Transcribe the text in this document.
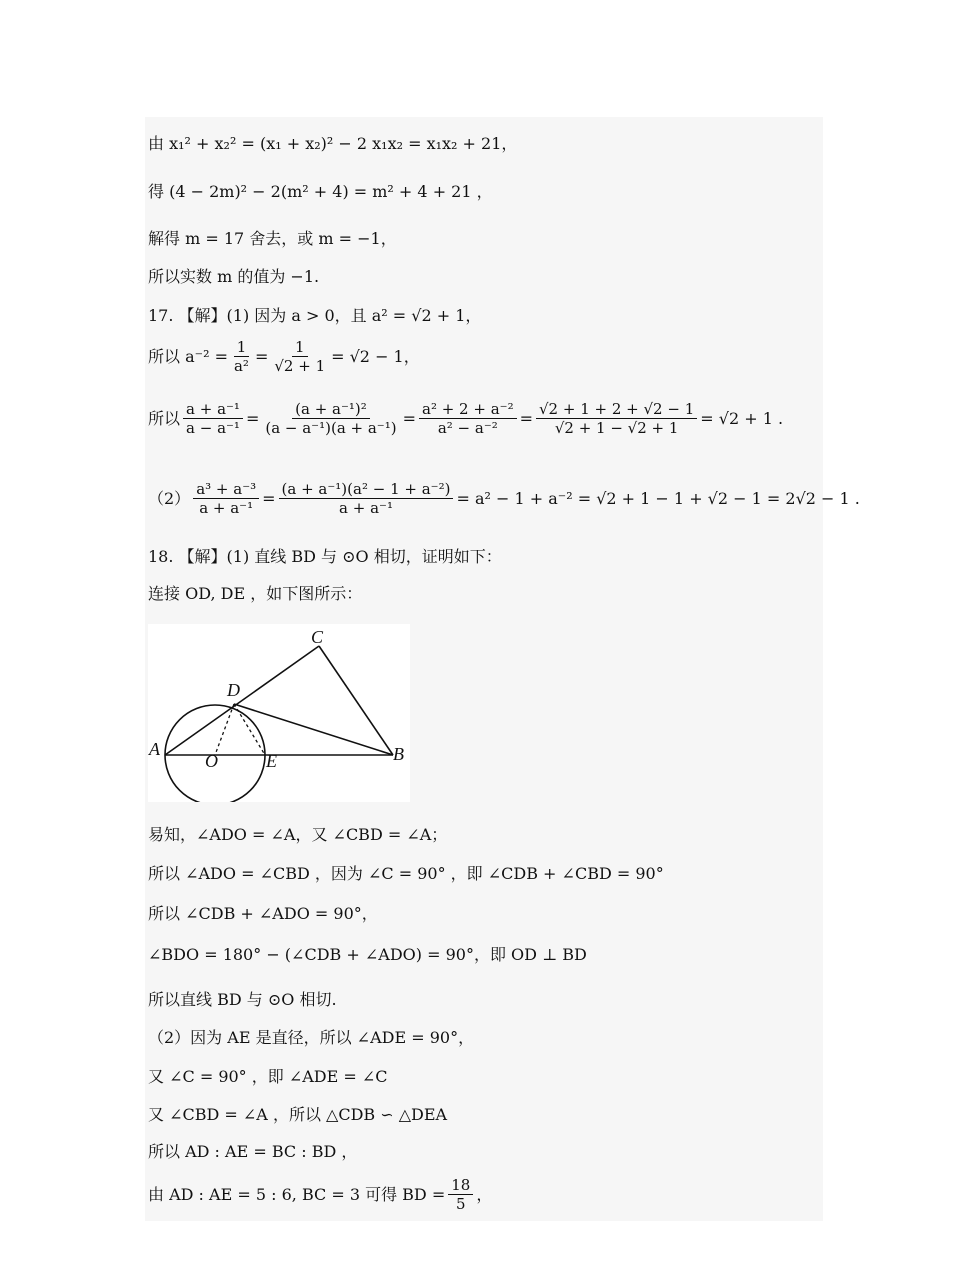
由 x₁² + x₂² = (x₁ + x₂)² − 2 x₁x₂ = x₁x₂ + 21，
得 (4 − 2m)² − 2(m² + 4) = m² + 4 + 21 ，
解得 m = 17 舍去，或 m = −1，
所以实数 m 的值为 −1.
17. 【解】(1) 因为 a > 0，且 a² = √2 + 1，
所以 $a^{-2} = \frac{1}{\text{a²}} = \frac{1}{√2 + 1} = √2 - 1$，
所以 $\frac{\text{a + a⁻¹}}{\text{a − a⁻¹}} = \frac{\text{(a + a⁻¹)²}}{\text{(a − a⁻¹)(a + a⁻¹)}} = \frac{\text{a² + 2 + a⁻²}}{\text{a² − a⁻²}} = \frac{√2 + 1 + 2 + √2 - 1}{√2 + 1 - √2 + 1} = √2 + 1$ .
$(2) \frac{\text{a³ + a⁻³}}{\text{a + a⁻¹}} = \frac{\text{(a + a⁻¹)(a² − 1 + a⁻²)}}{\text{a + a⁻¹}} = a^2 - 1 + a^{-2} = √2 + 1 - 1 + √2 - 1 = 2√2 - 1$ .
18. 【解】(1) 直线 BD 与 ⊙O 相切，证明如下：
连接 OD, DE ，如下图所示：
C
D
A	B
O	E
易知，∠ADO = ∠A，又 ∠CBD = ∠A；
所以 ∠ADO = ∠CBD ，因为 ∠C = 90° ，即 ∠CDB + ∠CBD = 90°
所以 ∠CDB + ∠ADO = 90°，
∠BDO = 180° − (∠CDB + ∠ADO) = 90°，即 OD ⊥ BD
所以直线 BD 与 ⊙O 相切.
（2）因为 AE 是直径，所以 ∠ADE = 90°，
又 ∠C = 90° ，即 ∠ADE = ∠C
又 ∠CBD = ∠A ，所以 △CDB ∽ △DEA
所以 AD : AE = BC : BD ，
由 AD : AE = 5 : 6, BC = 3 可得 BD = $\frac{18}{5}$ ，
